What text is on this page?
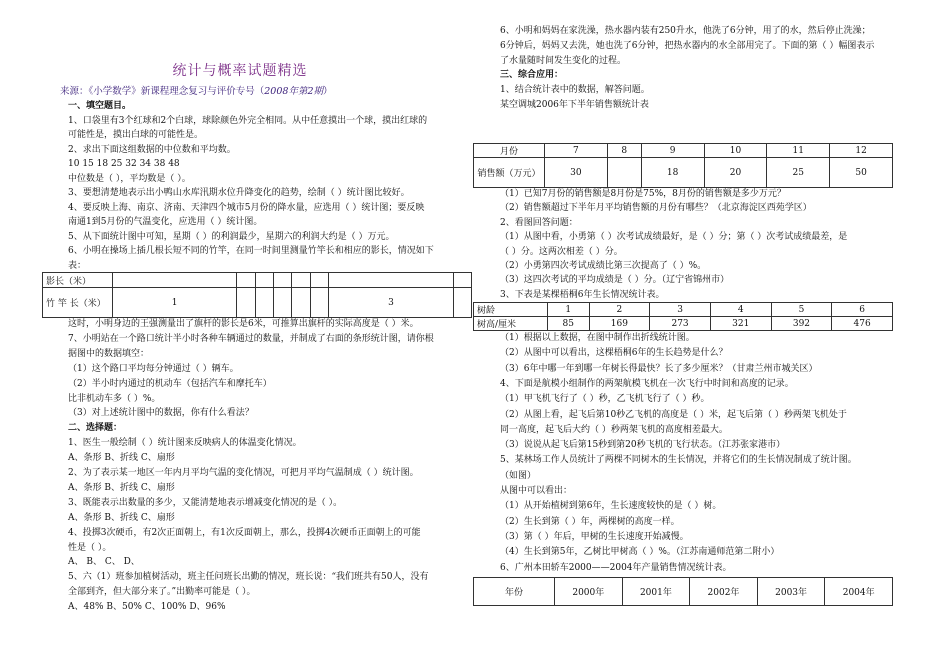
统计与概率试题精选
来源：《小学数学》新课程理念复习与评价专号（2008年第2期）
一、填空题目。
1、口袋里有3个红球和2个白球，球除颜色外完全相同。从中任意摸出一个球，摸出红球的
可能性是，摸出白球的可能性是。
2、求出下面这组数据的中位数和平均数。
10 15 18 25 32 34 38 48
中位数是（ ），平均数是（ ）。
3、要想清楚地表示出小鸭山水库汛期水位升降变化的趋势，绘制（ ）统计图比较好。
4、要反映上海、南京、济南、天津四个城市5月份的降水量，应选用（ ）统计图；要反映
南通1到5月份的气温变化，应选用（ ）统计图。
5、从下面统计图中可知，星期（ ）的利润最少，星期六的利润大约是（ ）万元。
6、小明在操场上插几根长短不同的竹竿，在同一时间里测量竹竿长和相应的影长，情况如下
表：
影长（米）								
竹 竿 长（米）	1						3	
这时，小明身边的王强测量出了旗杆的影长是6米，可推算出旗杆的实际高度是（ ）米。
7、小明站在一个路口统计半小时各种车辆通过的数量，并制成了右面的条形统计图，请你根
据图中的数据填空：
（1）这个路口平均每分钟通过（ ）辆车。
（2）半小时内通过的机动车（包括汽车和摩托车）
比非机动车多（ ）%。
（3）对上述统计图中的数据，你有什么看法？
二、选择题：
1、医生一般绘制（ ）统计图来反映病人的体温变化情况。
A、条形 B、折线 C、扇形
2、为了表示某一地区一年内月平均气温的变化情况，可把月平均气温制成（ ）统计图。
A、条形 B、折线 C、扇形
3、既能表示出数量的多少，又能清楚地表示增减变化情况的是（ ）。
A、条形 B、折线 C、扇形
4、投掷3次硬币，有2次正面朝上，有1次反面朝上，那么，投掷4次硬币正面朝上的可能
性是（ ）。
A、 B、 C、 D、
5、六（1）班参加植树活动，班主任问班长出勤的情况，班长说：“我们班共有50人，没有
全部到齐，但大部分来了。”出勤率可能是（ ）。
A、48% B、50% C、100% D、96%
6、小明和妈妈在家洗澡，热水器内装有250升水，他洗了6分钟，用了的水，然后停止洗澡；
6分钟后，妈妈又去洗，她也洗了6分钟，把热水器内的水全部用完了。下面的第（ ）幅图表示
了水量随时间发生变化的过程。
三、综合应用：
1、结合统计表中的数据，解答问题。
某空调城2006年下半年销售额统计表
月份	7	8	9	10	11	12
销售额（万元）	30		18	20	25	50
（1）已知7月份的销售额是8月份是75%，8月份的销售额是多少万元？
（2）销售额超过下半年月平均销售额的月份有哪些？（北京海淀区西苑学区）
2、看图回答问题：
（1）从图中看，小勇第（ ）次考试成绩最好，是（ ）分；第（ ）次考试成绩最差，是
（ ）分。这两次相差（ ）分。
（2）小勇第四次考试成绩比第三次提高了（ ）%。
（3）这四次考试的平均成绩是（ ）分。（辽宁省锦州市）
3、下表是某棵梧桐6年生长情况统计表。
树龄	1	2	3	4	5	6
树高/厘米	85	169	273	321	392	476
（1）根据以上数据，在图中制作出折线统计图。
（2）从图中可以看出，这棵梧桐6年的生长趋势是什么？
（3）6年中哪一年到哪一年树长得最快？长了多少厘米？（甘肃兰州市城关区）
4、下面是航模小组制作的两架航模飞机在一次飞行中时间和高度的记录。
（1）甲飞机飞行了（ ）秒，乙飞机飞行了（ ）秒。
（2）从图上看，起飞后第10秒乙飞机的高度是（ ）米，起飞后第（ ）秒两架飞机处于
同一高度，起飞后大约（ ）秒两架飞机的高度相差最大。
（3）说说从起飞后第15秒到第20秒飞机的飞行状态。（江苏张家港市）
5、某林场工作人员统计了两棵不同树木的生长情况，并将它们的生长情况制成了统计图。
（如图）
从图中可以看出：
（1）从开始植树到第6年，生长速度较快的是（ ）树。
（2）生长到第（ ）年，两棵树的高度一样。
（3）第（ ）年后，甲树的生长速度开始减慢。
（4）生长到第5年，乙树比甲树高（ ）%。（江苏南通师范第二附小）
6、广州本田轿车2000——2004年产量销售情况统计表。
年份	2000年	2001年	2002年	2003年	2004年
